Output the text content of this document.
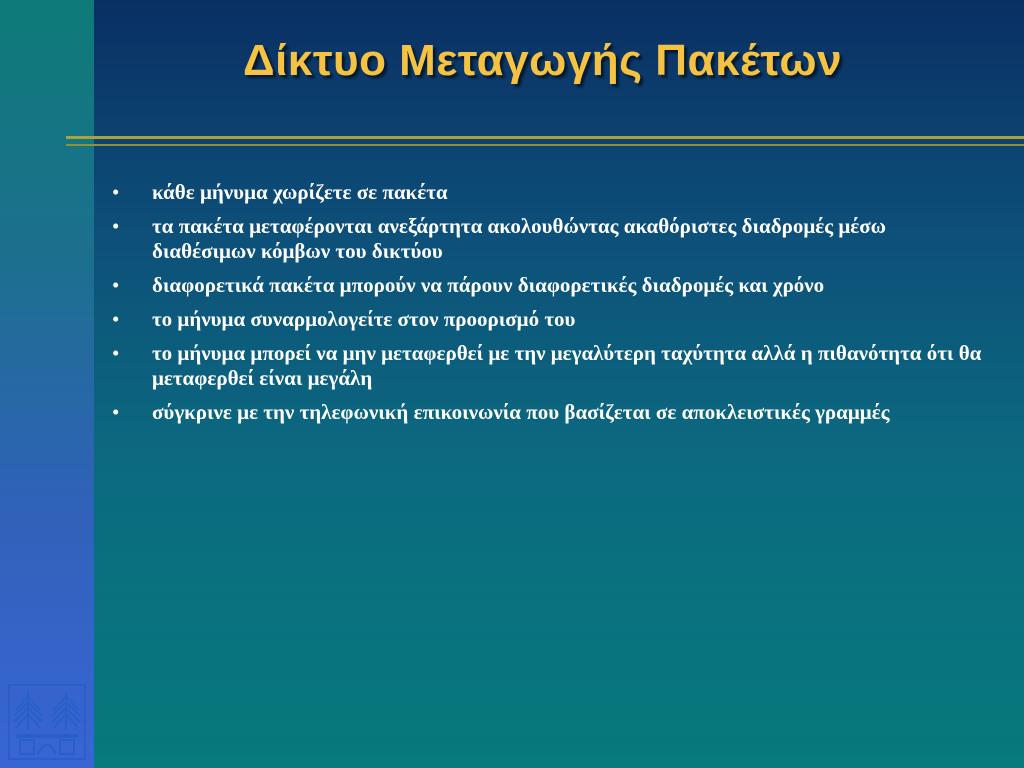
Δίκτυο Μεταγωγής Πακέτων
• κάθε μήνυμα χωρίζετε σε πακέτα
• τα πακέτα μεταφέρονται ανεξάρτητα ακολουθώντας ακαθόριστες διαδρομές μέσω διαθέσιμων κόμβων του δικτύου
• διαφορετικά πακέτα μπορούν να πάρουν διαφορετικές διαδρομές και χρόνο
• το μήνυμα συναρμολογείτε στον προορισμό του
• το μήνυμα μπορεί να μην μεταφερθεί με την μεγαλύτερη ταχύτητα αλλά η πιθανότητα ότι θα μεταφερθεί είναι μεγάλη
• σύγκρινε με την τηλεφωνική επικοινωνία που βασίζεται σε αποκλειστικές γραμμές
